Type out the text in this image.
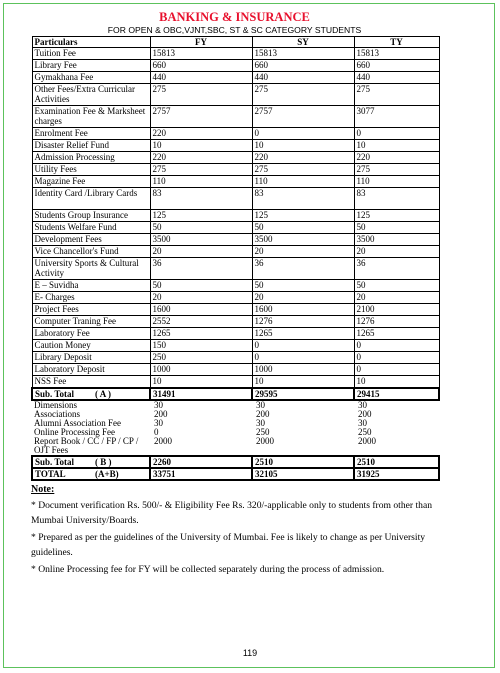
BANKING & INSURANCE
FOR OPEN & OBC,VJNT,SBC, ST & SC CATEGORY STUDENTS
Particulars	FY	SY	TY
Tuition Fee	15813	15813	15813
Library Fee	660	660	660
Gymakhana Fee	440	440	440
Other Fees/Extra Curricular Activities	275	275	275
Examination Fee & Marksheet charges	2757	2757	3077
Enrolment Fee	220	0	0
Disaster Relief Fund	10	10	10
Admission Processing	220	220	220
Utility Fees	275	275	275
Magazine Fee	110	110	110
Identity Card /Library Cards	83	83	83
Students Group Insurance	125	125	125
Students Welfare Fund	50	50	50
Development Fees	3500	3500	3500
Vice Chancellor's Fund	20	20	20
University Sports & Cultural Activity	36	36	36
E – Suvidha	50	50	50
E- Charges	20	20	20
Project Fees	1600	1600	2100
Computer Traning Fee	2552	1276	1276
Laboratory Fee	1265	1265	1265
Caution Money	150	0	0
Library Deposit	250	0	0
Laboratory Deposit	1000	1000	0
NSS Fee	10	10	10
Sub. Total ( A )	31491	29595	29415
Dimensions	30	30	30
Associations	200	200	200
Alumni Association Fee	30	30	30
Online Processing Fee	0	250	250
Report Book / CC / FP / CP / OJT Fees	2000	2000	2000
Sub. Total ( B )	2260	2510	2510
TOTAL (A+B)	33751	32105	31925
Note:
* Document verification Rs. 500/- & Eligibility Fee Rs. 320/-applicable only to students from other than Mumbai University/Boards.
* Prepared as per the guidelines of the University of Mumbai. Fee is likely to change as per University guidelines.
* Online Processing fee for FY will be collected separately during the process of admission.
119
